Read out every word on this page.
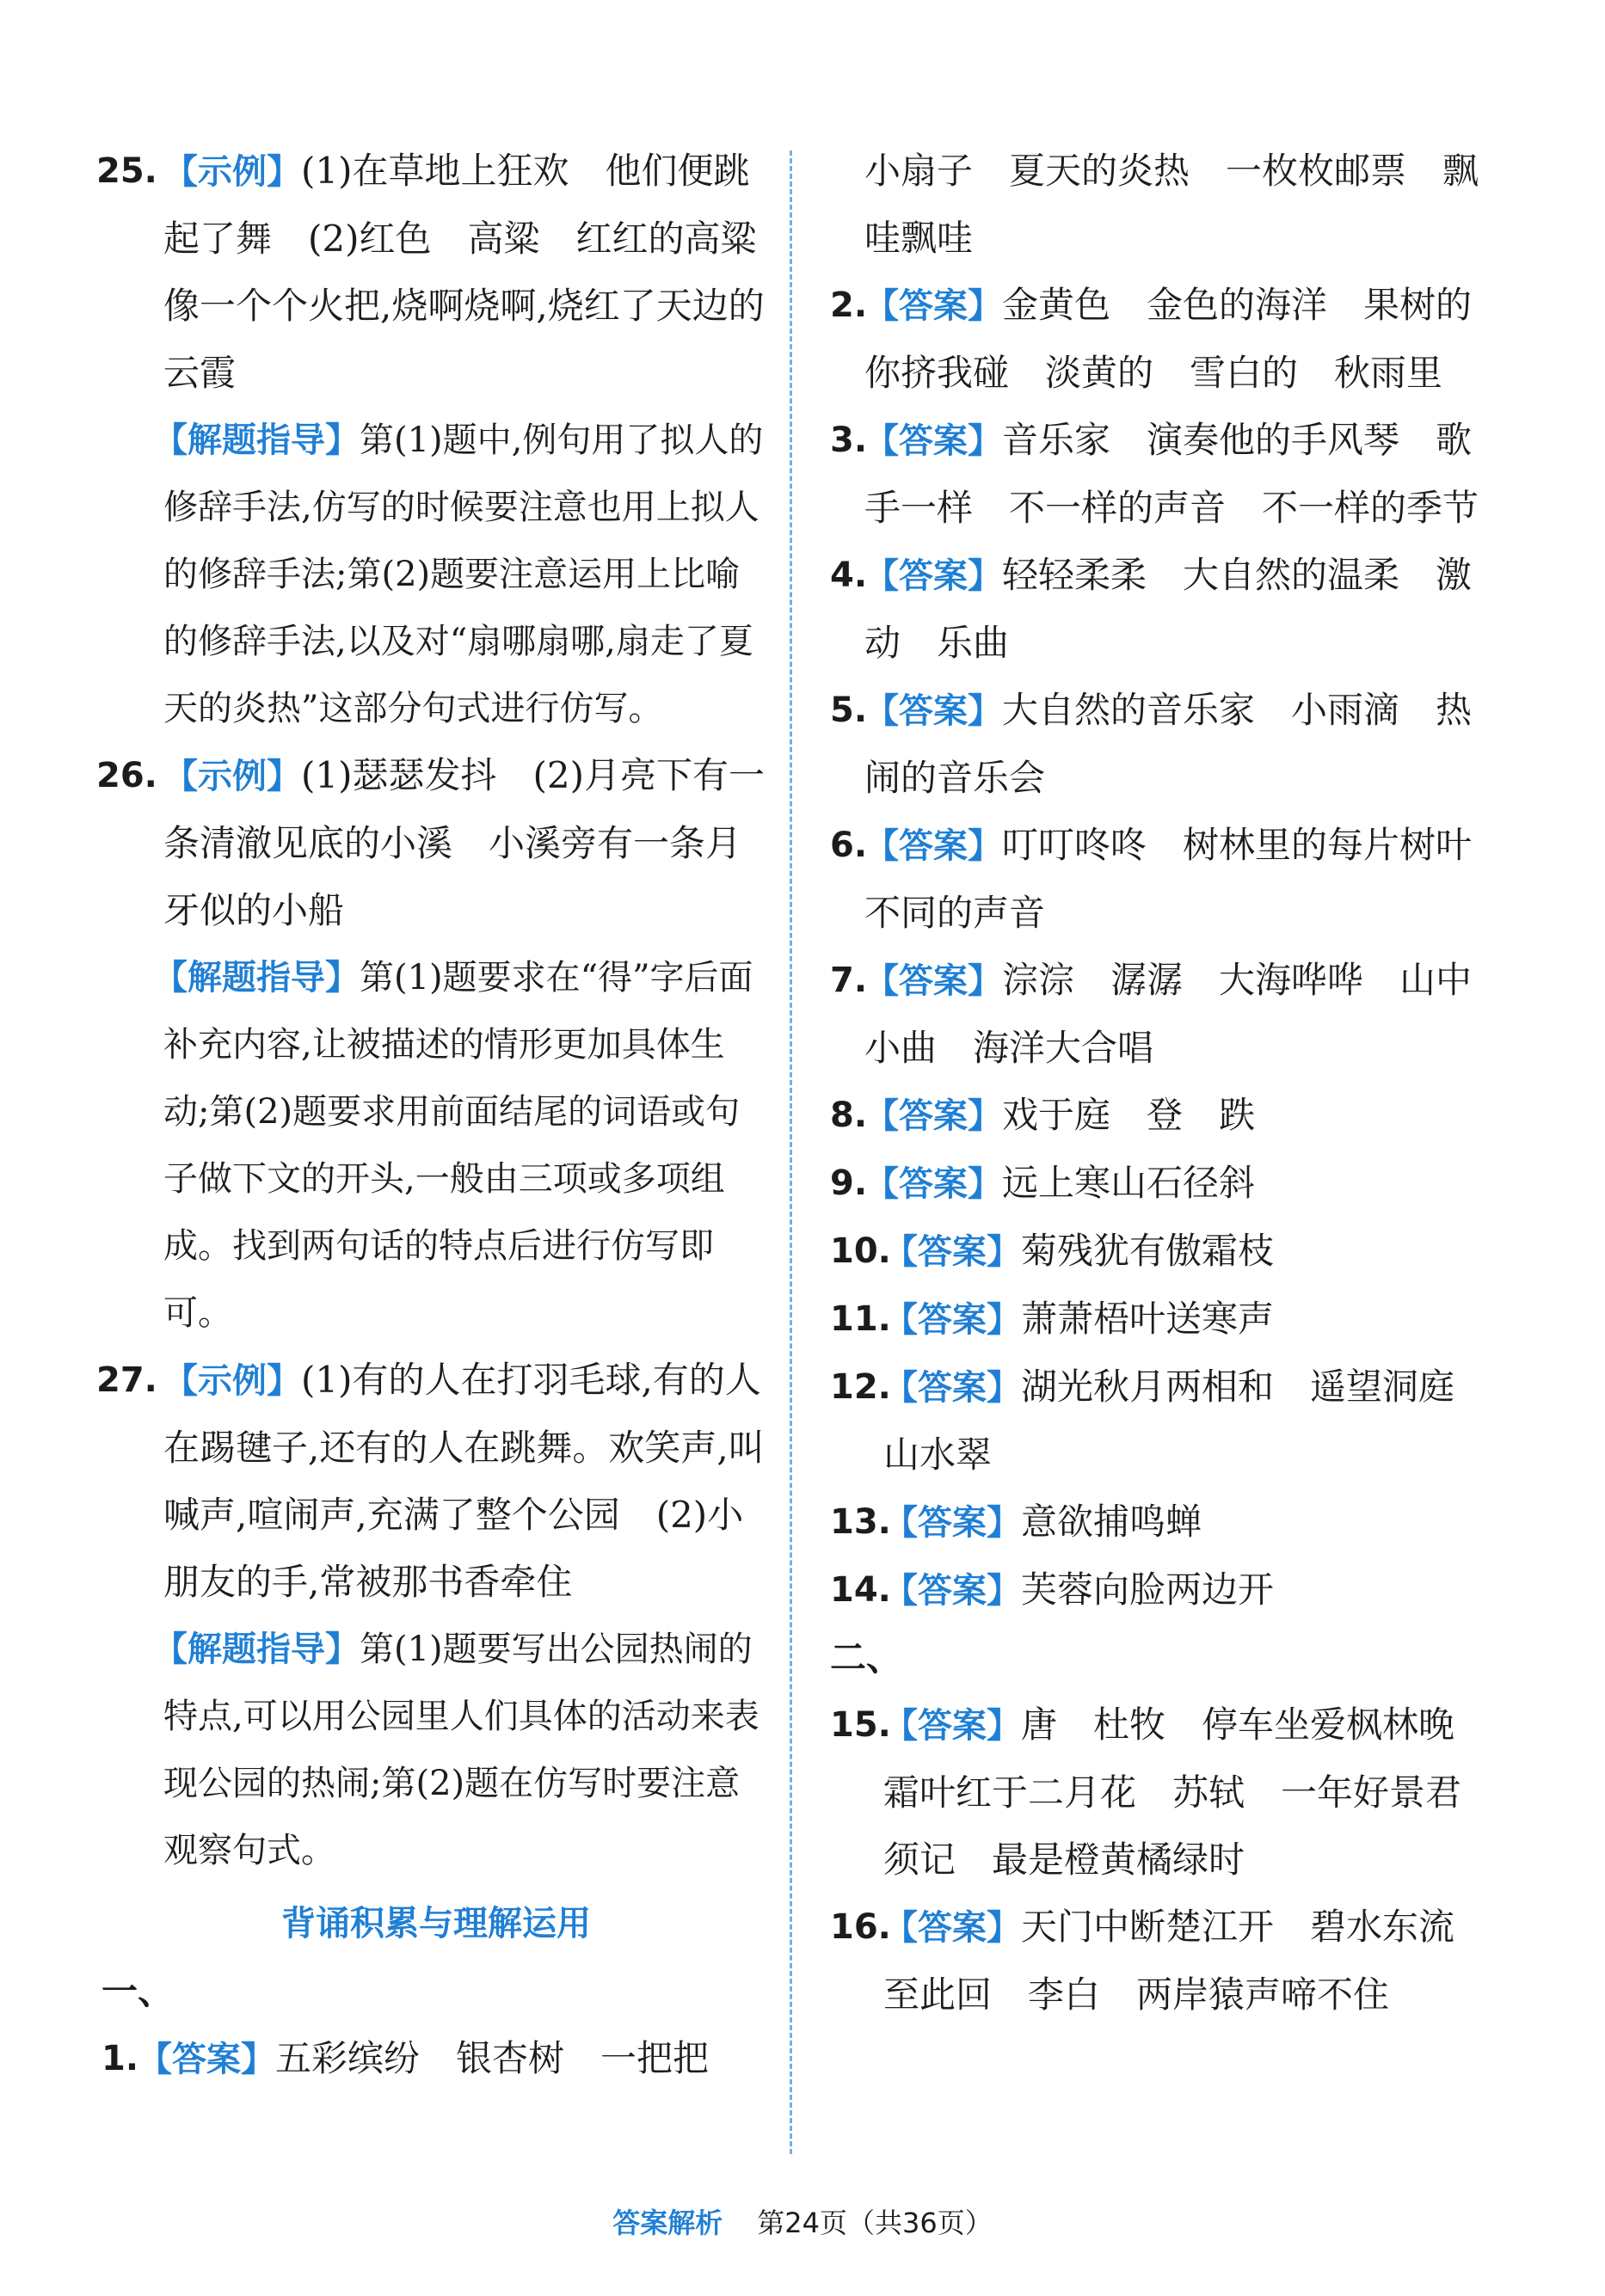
25. 【示例】(1)在草地上狂欢　他们便跳起了舞　(2)红色　高粱　红红的高粱像一个个火把,烧啊烧啊,烧红了天边的云霞
【解题指导】第(1)题中,例句用了拟人的修辞手法,仿写的时候要注意也用上拟人的修辞手法;第(2)题要注意运用上比喻的修辞手法,以及对“扇哪扇哪,扇走了夏天的炎热”这部分句式进行仿写。
26. 【示例】(1)瑟瑟发抖　(2)月亮下有一条清澈见底的小溪　小溪旁有一条月牙似的小船
【解题指导】第(1)题要求在“得”字后面补充内容,让被描述的情形更加具体生动;第(2)题要求用前面结尾的词语或句子做下文的开头,一般由三项或多项组成。找到两句话的特点后进行仿写即可。
27. 【示例】(1)有的人在打羽毛球,有的人在踢毽子,还有的人在跳舞。欢笑声,叫喊声,喧闹声,充满了整个公园　(2)小朋友的手,常被那书香牵住
【解题指导】第(1)题要写出公园热闹的特点,可以用公园里人们具体的活动来表现公园的热闹;第(2)题在仿写时要注意观察句式。
背诵积累与理解运用
一、
1.
【答案】五彩缤纷　银杏树　一把把
小扇子　夏天的炎热　一枚枚邮票　飘哇飘哇
2.
【答案】金黄色　金色的海洋　果树的　你挤我碰　淡黄的　雪白的　秋雨里
3.
【答案】音乐家　演奏他的手风琴　歌手一样　不一样的声音　不一样的季节
4.
【答案】轻轻柔柔　大自然的温柔　激动　乐曲
5.
【答案】大自然的音乐家　小雨滴　热闹的音乐会
6.
【答案】叮叮咚咚　树林里的每片树叶　不同的声音
7.
【答案】淙淙　潺潺　大海哗哗　山中小曲　海洋大合唱
8.
【答案】戏于庭　登　跌
9.
【答案】远上寒山石径斜
10.
【答案】菊残犹有傲霜枝
11.
【答案】萧萧梧叶送寒声
12.
【答案】湖光秋月两相和　遥望洞庭山水翠
13.
【答案】意欲捕鸣蝉
14.
【答案】芙蓉向脸两边开
二、
15.
【答案】唐　杜牧　停车坐爱枫林晚　霜叶红于二月花　苏轼　一年好景君须记　最是橙黄橘绿时
16.
【答案】天门中断楚江开　碧水东流至此回　李白　两岸猿声啼不住
答案解析 第24页（共36页）
